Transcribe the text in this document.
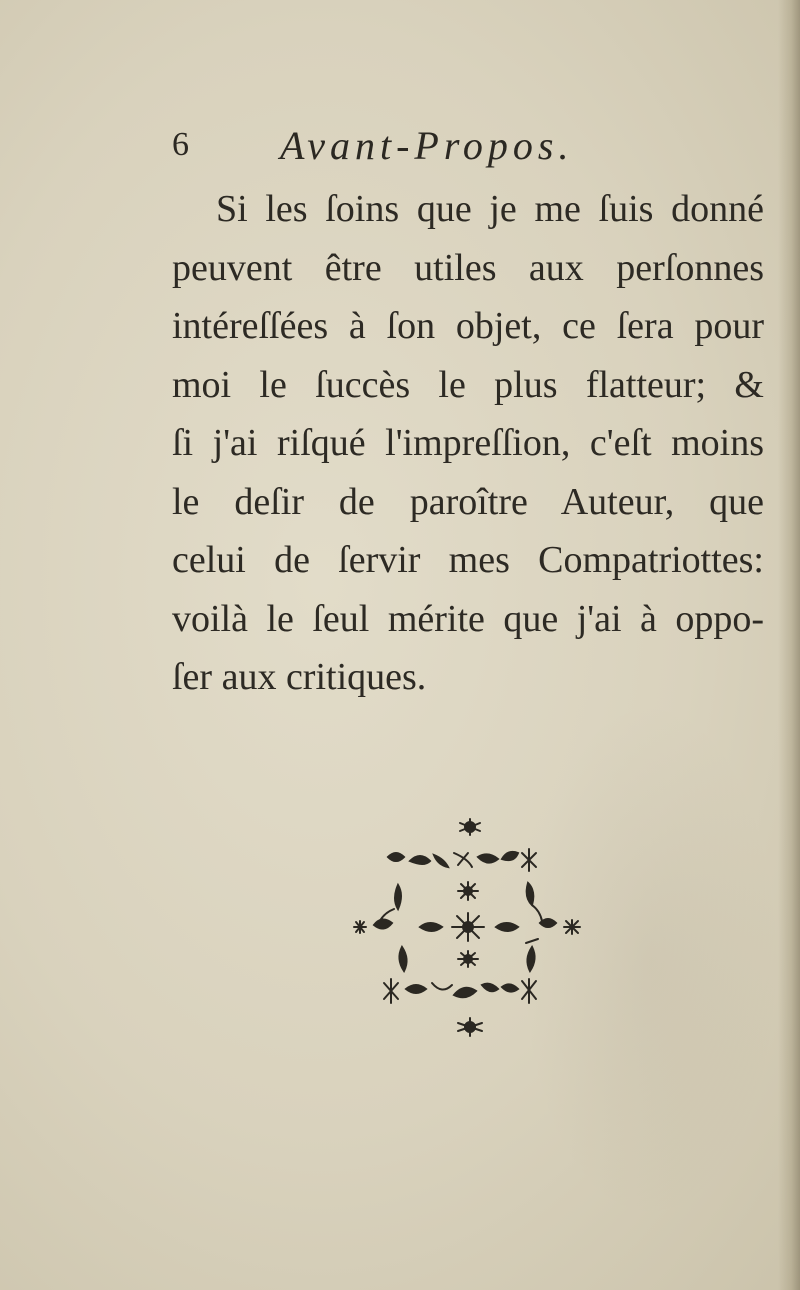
6 Avant-Propos.
Si les ſoins que je me ſuis donné
peuvent être utiles aux perſonnes
intéreſſées à ſon objet, ce ſera pour
moi le ſuccès le plus flatteur; &
ſi j'ai riſqué l'impreſſion, c'eſt moins
le deſir de paroître Auteur, que
celui de ſervir mes Compatriottes:
voilà le ſeul mérite que j'ai à oppo-
ſer aux critiques.
